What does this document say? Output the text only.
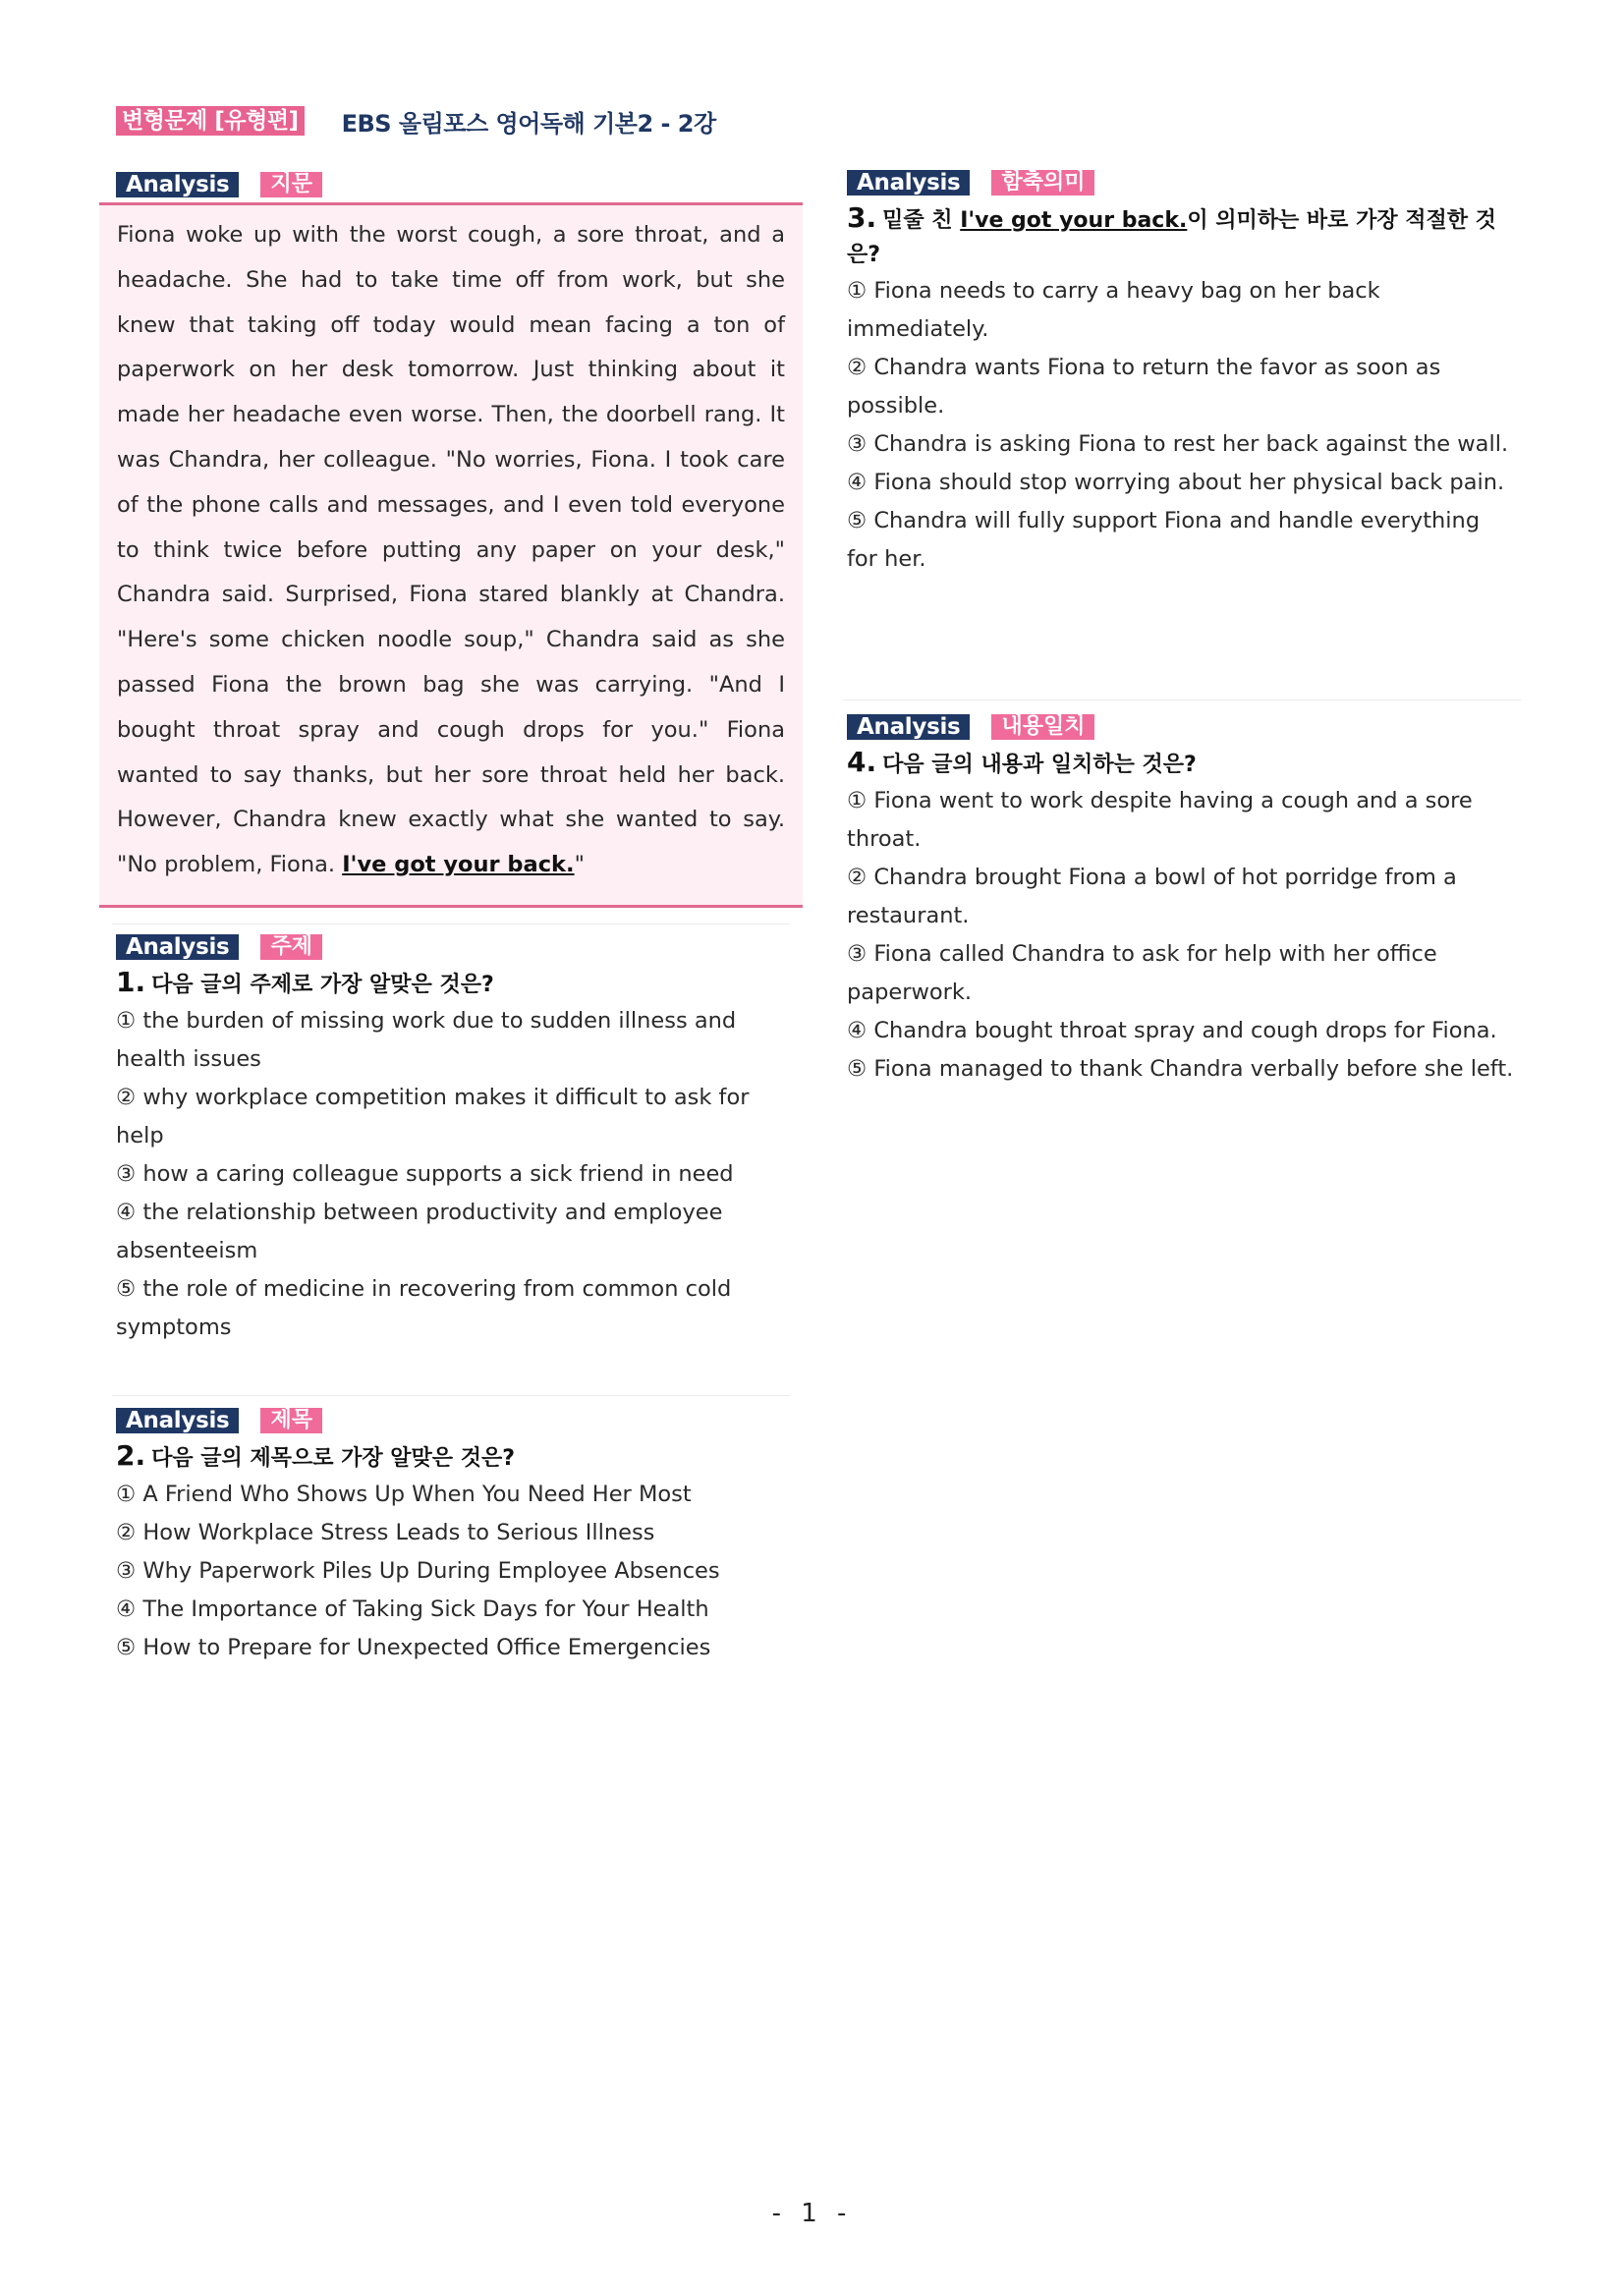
변형문제 [유형편] EBS 올림포스 영어독해 기본2 - 2강
Analysis	지문
Fiona woke up with the worst cough, a sore throat, and a headache. She had to take time off from work, but she knew that taking off today would mean facing a ton of paperwork on her desk tomorrow. Just thinking about it made her headache even worse. Then, the doorbell rang. It was Chandra, her colleague. "No worries, Fiona. I took care of the phone calls and messages, and I even told everyone to think twice before putting any paper on your desk," Chandra said. Surprised, Fiona stared blankly at Chandra. "Here's some chicken noodle soup," Chandra said as she passed Fiona the brown bag she was carrying. "And I bought throat spray and cough drops for you." Fiona wanted to say thanks, but her sore throat held her back. However, Chandra knew exactly what she wanted to say. "No problem, Fiona. I've got your back."
Analysis	주제
1. 다음 글의 주제로 가장 알맞은 것은?
① the burden of missing work due to sudden illness and health issues
② why workplace competition makes it difficult to ask for help
③ how a caring colleague supports a sick friend in need
④ the relationship between productivity and employee absenteeism
⑤ the role of medicine in recovering from common cold symptoms
Analysis	제목
2. 다음 글의 제목으로 가장 알맞은 것은?
① A Friend Who Shows Up When You Need Her Most
② How Workplace Stress Leads to Serious Illness
③ Why Paperwork Piles Up During Employee Absences
④ The Importance of Taking Sick Days for Your Health
⑤ How to Prepare for Unexpected Office Emergencies
Analysis	함축의미
3. 밑줄 친 I've got your back.이 의미하는 바로 가장 적절한 것은?
① Fiona needs to carry a heavy bag on her back immediately.
② Chandra wants Fiona to return the favor as soon as possible.
③ Chandra is asking Fiona to rest her back against the wall.
④ Fiona should stop worrying about her physical back pain.
⑤ Chandra will fully support Fiona and handle everything for her.
Analysis	내용일치
4. 다음 글의 내용과 일치하는 것은?
① Fiona went to work despite having a cough and a sore throat.
② Chandra brought Fiona a bowl of hot porridge from a restaurant.
③ Fiona called Chandra to ask for help with her office paperwork.
④ Chandra bought throat spray and cough drops for Fiona.
⑤ Fiona managed to thank Chandra verbally before she left.
- 1 -
